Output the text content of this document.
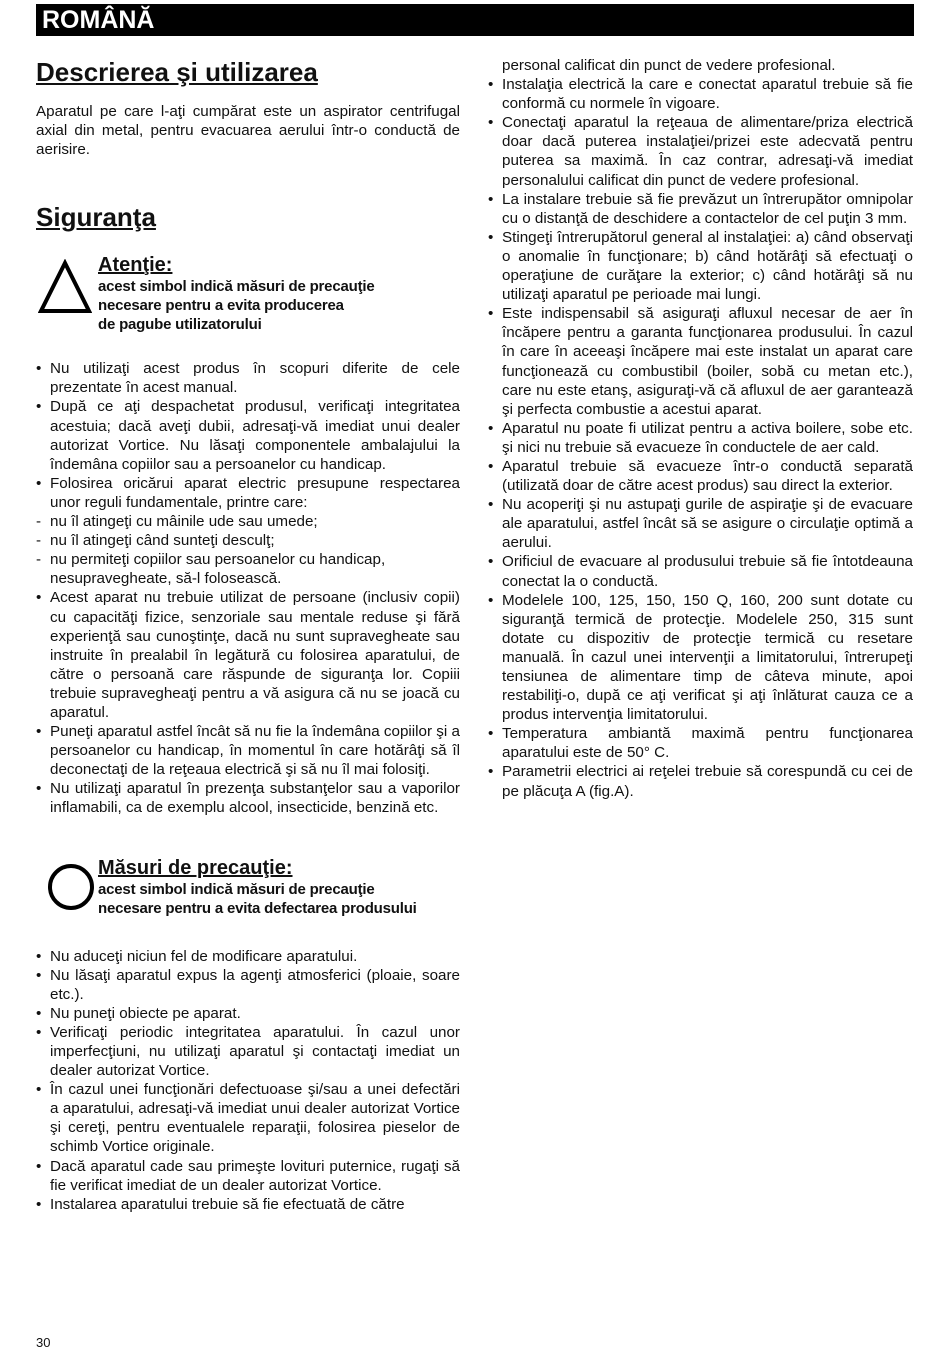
ROMÂNĂ
Descrierea şi utilizarea

Aparatul pe care l-aţi cumpărat este un aspirator centrifugal axial din metal, pentru evacuarea aerului într-o conductă de aerisire.

Siguranţa
Atenţie:
acest simbol indică măsuri de precauţie
necesare pentru a evita producerea
de pagube utilizatorului
• Nu utilizaţi acest produs în scopuri diferite de cele prezentate în acest manual.
• După ce aţi despachetat produsul, verificaţi integritatea acestuia; dacă aveţi dubii, adresaţi-vă imediat unui dealer autorizat Vortice. Nu lăsaţi componentele ambalajului la îndemâna copiilor sau a persoanelor cu handicap.
• Folosirea oricărui aparat electric presupune respectarea unor reguli fundamentale, printre care:
- nu îl atingeţi cu mâinile ude sau umede;
- nu îl atingeţi când sunteţi desculţ;
- nu permiteţi copiilor sau persoanelor cu handicap, nesupravegheate, să-l folosească.
• Acest aparat nu trebuie utilizat de persoane (inclusiv copii) cu capacităţi fizice, senzoriale sau mentale reduse şi fără experienţă sau cunoştinţe, dacă nu sunt supravegheate sau instruite în prealabil în legătură cu folosirea aparatului, de către o persoană care răspunde de siguranţa lor. Copiii trebuie supravegheaţi pentru a vă asigura că nu se joacă cu aparatul.
• Puneţi aparatul astfel încât să nu fie la îndemâna copiilor şi a persoanelor cu handicap, în momentul în care hotărâţi să îl deconectaţi de la reţeaua electrică şi să nu îl mai folosiţi.
• Nu utilizaţi aparatul în prezenţa substanţelor sau a vaporilor inflamabili, ca de exemplu alcool, insecticide, benzină etc.
Măsuri de precauţie:
acest simbol indică măsuri de precauţie
necesare pentru a evita defectarea produsului
• Nu aduceţi niciun fel de modificare aparatului.
• Nu lăsaţi aparatul expus la agenţi atmosferici (ploaie, soare etc.).
• Nu puneţi obiecte pe aparat.
• Verificaţi periodic integritatea aparatului. În cazul unor imperfecţiuni, nu utilizaţi aparatul şi contactaţi imediat un dealer autorizat Vortice.
• În cazul unei funcţionări defectuoase şi/sau a unei defectări a aparatului, adresaţi-vă imediat unui dealer autorizat Vortice şi cereţi, pentru eventualele reparaţii, folosirea pieselor de schimb Vortice originale.
• Dacă aparatul cade sau primeşte lovituri puternice, rugaţi să fie verificat imediat de un dealer autorizat Vortice.
• Instalarea aparatului trebuie să fie efectuată de către

personal calificat din punct de vedere profesional.

• Instalaţia electrică la care e conectat aparatul trebuie să fie conformă cu normele în vigoare.
• Conectaţi aparatul la reţeaua de alimentare/priza electrică doar dacă puterea instalaţiei/prizei este adecvată pentru puterea sa maximă. În caz contrar, adresaţi-vă imediat personalului calificat din punct de vedere profesional.
• La instalare trebuie să fie prevăzut un întrerupător omnipolar cu o distanţă de deschidere a contactelor de cel puţin 3 mm.
• Stingeţi întrerupătorul general al instalaţiei: a) când observaţi o anomalie în funcţionare; b) când hotărâţi să efectuaţi o operaţiune de curăţare la exterior; c) când hotărâţi să nu utilizaţi aparatul pe perioade mai lungi.
• Este indispensabil să asiguraţi afluxul necesar de aer în încăpere pentru a garanta funcţionarea produsului. În cazul în care în aceeaşi încăpere mai este instalat un aparat care funcţionează cu combustibil (boiler, sobă cu metan etc.), care nu este etanş, asiguraţi-vă că afluxul de aer garantează şi perfecta combustie a acestui aparat.
• Aparatul nu poate fi utilizat pentru a activa boilere, sobe etc. şi nici nu trebuie să evacueze în conductele de aer cald.
• Aparatul trebuie să evacueze într-o conductă separată (utilizată doar de către acest produs) sau direct la exterior.
• Nu acoperiţi şi nu astupaţi gurile de aspiraţie şi de evacuare ale aparatului, astfel încât să se asigure o circulaţie optimă a aerului.
• Orificiul de evacuare al produsului trebuie să fie întotdeauna conectat la o conductă.
• Modelele 100, 125, 150, 150 Q, 160, 200 sunt dotate cu siguranţă termică de protecţie. Modelele 250, 315 sunt dotate cu dispozitiv de protecţie termică cu resetare manuală. În cazul unei intervenţii a limitatorului, întrerupeţi tensiunea de alimentare timp de câteva minute, apoi restabiliţi-o, după ce aţi verificat şi aţi înlăturat cauza ce a produs intervenţia limitatorului.
• Temperatura ambiantă maximă pentru funcţionarea aparatului este de 50° C.
• Parametrii electrici ai reţelei trebuie să corespundă cu cei de pe plăcuţa A (fig.A).
30
